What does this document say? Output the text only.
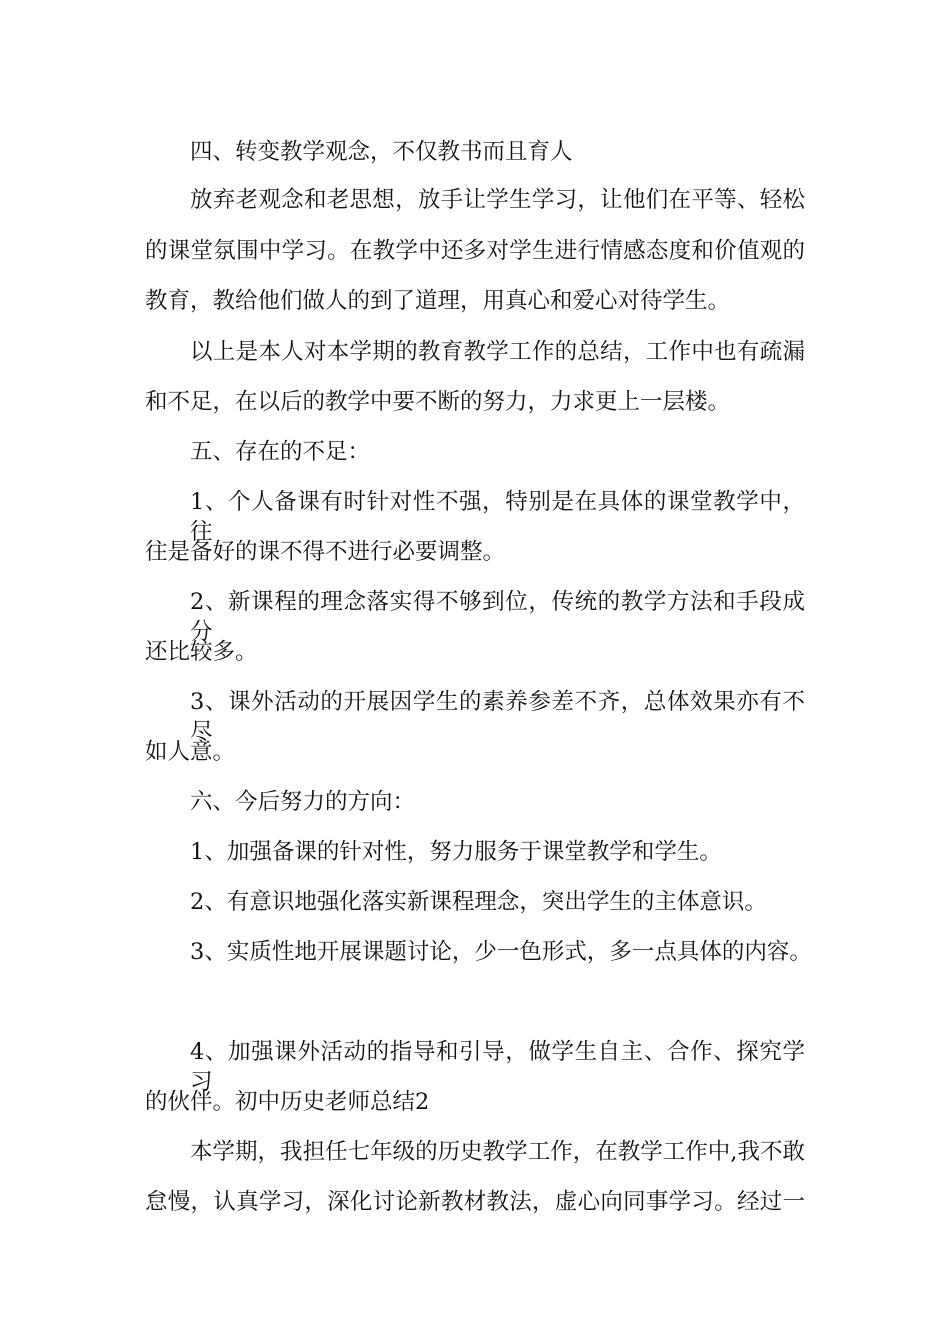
四、转变教学观念，不仅教书而且育人
放弃老观念和老思想，放手让学生学习，让他们在平等、轻松
的课堂氛围中学习。在教学中还多对学生进行情感态度和价值观的
教育，教给他们做人的到了道理，用真心和爱心对待学生。
以上是本人对本学期的教育教学工作的总结，工作中也有疏漏
和不足，在以后的教学中要不断的努力，力求更上一层楼。
五、存在的不足：
1、个人备课有时针对性不强，特别是在具体的课堂教学中，往
往是备好的课不得不进行必要调整。
2、新课程的理念落实得不够到位，传统的教学方法和手段成分
还比较多。
3、课外活动的开展因学生的素养参差不齐，总体效果亦有不尽
如人意。
六、今后努力的方向：
1、加强备课的针对性，努力服务于课堂教学和学生。
2、有意识地强化落实新课程理念，突出学生的主体意识。
3、实质性地开展课题讨论，少一色形式，多一点具体的内容。
4、加强课外活动的指导和引导，做学生自主、合作、探究学习
的伙伴。初中历史老师总结2
本学期，我担任七年级的历史教学工作，在教学工作中,我不敢
怠慢，认真学习，深化讨论新教材教法，虚心向同事学习。经过一
